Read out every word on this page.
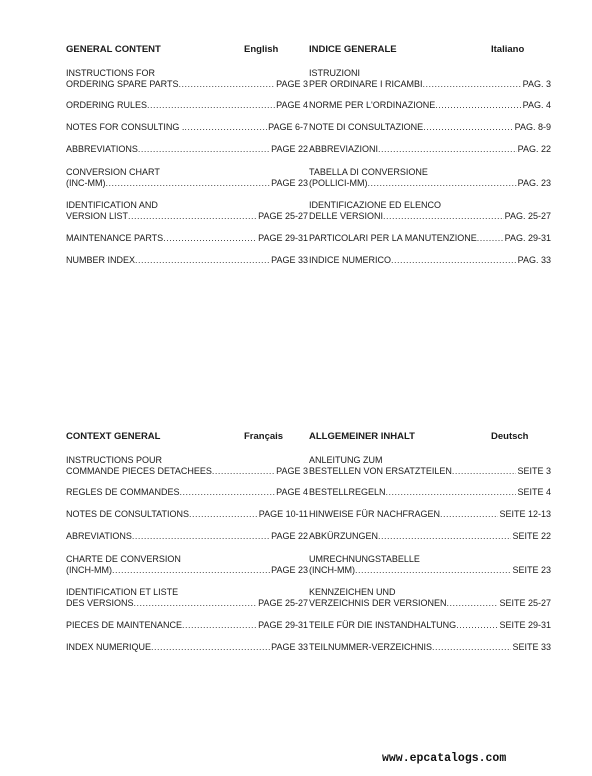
GENERAL CONTENT	English
INSTRUCTIONS FOR
ORDERING SPARE PARTS .....	PAGE 3
ORDERING RULES .....	PAGE 4
NOTES FOR CONSULTING . .....	PAGE 6-7
ABBREVIATIONS .....	PAGE 22
CONVERSION CHART
(INC-MM) .....	PAGE 23
IDENTIFICATION AND
VERSION LIST .....	PAGE 25-27
MAINTENANCE PARTS .....	PAGE 29-31
NUMBER INDEX .....	PAGE 33
INDICE GENERALE	Italiano
ISTRUZIONI
PER ORDINARE I RICAMBI .....	PAG. 3
NORME PER L'ORDINAZIONE .....	PAG. 4
NOTE DI CONSULTAZIONE .....	PAG. 8-9
ABBREVIAZIONI .....	PAG. 22
TABELLA DI CONVERSIONE
(POLLICI-MM) .....	PAG. 23
IDENTIFICAZIONE ED ELENCO
DELLE VERSIONI .....	PAG. 25-27
PARTICOLARI PER LA MANUTENZIONE .....	PAG. 29-31
INDICE NUMERICO .....	PAG. 33
CONTEXT GENERAL	Français
INSTRUCTIONS POUR
COMMANDE PIECES DETACHEES .....	PAGE 3
REGLES DE COMMANDES .....	PAGE 4
NOTES DE CONSULTATIONS .....	PAGE 10-11
ABREVIATIONS .....	PAGE 22
CHARTE DE CONVERSION
(INCH-MM) .....	PAGE 23
IDENTIFICATION ET LISTE
DES VERSIONS .....	PAGE 25-27
PIECES DE MAINTENANCE .....	PAGE 29-31
INDEX NUMERIQUE .....	PAGE 33
ALLGEMEINER INHALT	Deutsch
ANLEITUNG ZUM
BESTELLEN VON ERSATZTEILEN .....	SEITE 3
BESTELLREGELN .....	SEITE 4
HINWEISE FÜR NACHFRAGEN .....	SEITE 12-13
ABKÜRZUNGEN .....	SEITE 22
UMRECHNUNGSTABELLE
(INCH-MM) .....	SEITE 23
KENNZEICHEN UND
VERZEICHNIS DER VERSIONEN .....	SEITE 25-27
TEILE FÜR DIE INSTANDHALTUNG .....	SEITE 29-31
TEILNUMMER-VERZEICHNIS .....	SEITE 33
www.epcatalogs.com
